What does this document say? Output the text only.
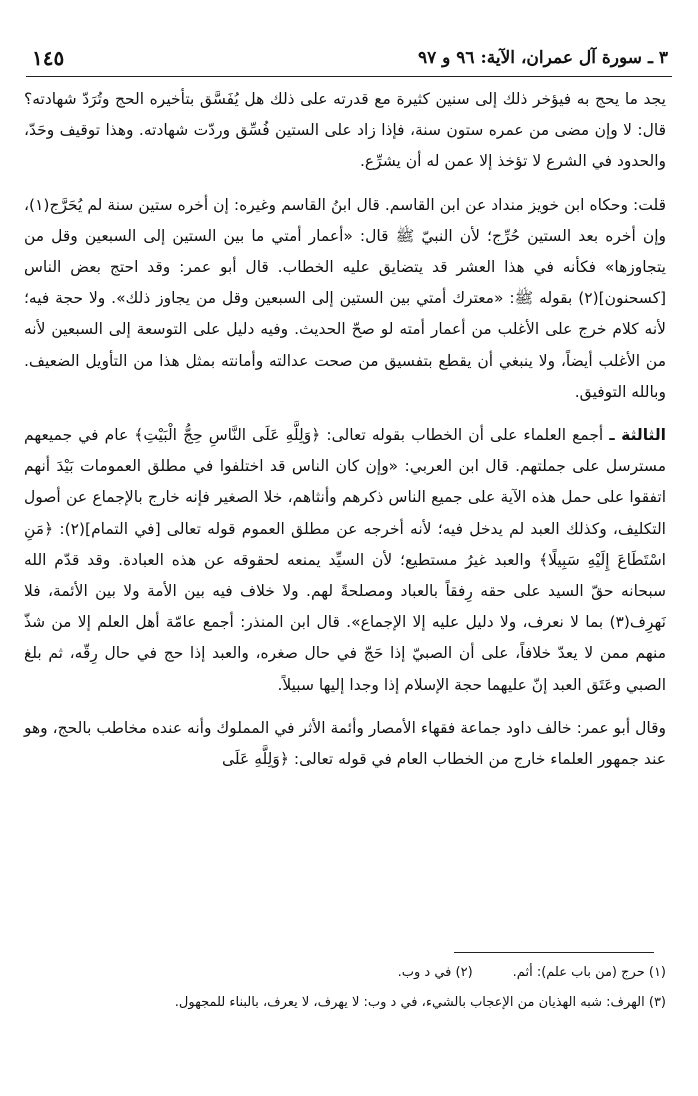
٣ ـ سورة آل عمران، الآية: ٩٦ و ٩٧
١٤٥

يجد ما يحج به فيؤخر ذلك إلى سنين كثيرة مع قدرته على ذلك هل يُفَسَّق بتأخيره الحج وتُرَدّ شهادته؟ قال: لا وإن مضى من عمره ستون سنة، فإذا زاد على الستين فُسِّق وردّت شهادته. وهذا توقيف وحَدّ، والحدود في الشرع لا تؤخذ إلا عمن له أن يشرِّع.

قلت: وحكاه ابن خويز منداد عن ابن القاسم. قال ابنُ القاسم وغيره: إن أخره ستين سنة لم يُحَرَّج(١)، وإن أخره بعد الستين حُرِّج؛ لأن النبيّ ﷺ قال: «أعمار أمتي ما بين الستين إلى السبعين وقل من يتجاوزها» فكأنه في هذا العشر قد يتضايق عليه الخطاب. قال أبو عمر: وقد احتج بعض الناس [كسحنون](٢) بقوله ﷺ: «معترك أمتي بين الستين إلى السبعين وقل من يجاوز ذلك». ولا حجة فيه؛ لأنه كلام خرج على الأغلب من أعمار أمته لو صحّ الحديث. وفيه دليل على التوسعة إلى السبعين لأنه من الأغلب أيضاً، ولا ينبغي أن يقطع بتفسيق من صحت عدالته وأمانته بمثل هذا من التأويل الضعيف. وبالله التوفيق.

الثالثة ـ أجمع العلماء على أن الخطاب بقوله تعالى: ﴿وَلِلَّهِ عَلَى النَّاسِ حِجُّ الْبَيْتِ﴾ عام في جميعهم مسترسل على جملتهم. قال ابن العربي: «وإن كان الناس قد اختلفوا في مطلق العمومات بَيْدَ أنهم اتفقوا على حمل هذه الآية على جميع الناس ذكرهم وأنثاهم، خلا الصغير فإنه خارج بالإجماع عن أصول التكليف، وكذلك العبد لم يدخل فيه؛ لأنه أخرجه عن مطلق العموم قوله تعالى [في التمام](٢): ﴿مَنِ اسْتَطَاعَ إِلَيْهِ سَبِيلًا﴾ والعبد غيرُ مستطيع؛ لأن السيِّد يمنعه لحقوقه عن هذه العبادة. وقد قدّم الله سبحانه حقّ السيد على حقه رِفقاً بالعباد ومصلحةً لهم. ولا خلاف فيه بين الأمة ولا بين الأئمة، فلا نَهرِف(٣) بما لا نعرف، ولا دليل عليه إلا الإجماع». قال ابن المنذر: أجمع عامّة أهل العلم إلا من شذّ منهم ممن لا يعدّ خلافاً، على أن الصبيّ إذا حَجّ في حال صغره، والعبد إذا حج في حال رِقّه، ثم بلغ الصبي وعَتَق العبد إنّ عليهما حجة الإسلام إذا وجدا إليها سبيلاً.

وقال أبو عمر: خالف داود جماعة فقهاء الأمصار وأئمة الأثر في المملوك وأنه عنده مخاطب بالحج، وهو عند جمهور العلماء خارج من الخطاب العام في قوله تعالى: ﴿وَلِلَّهِ عَلَى

(١) حرج (من باب علم): أثم.(٢) في د وب.
(٣) الهرف: شبه الهذيان من الإعجاب بالشيء، في د وب: لا يهرف، لا يعرف، بالبناء للمجهول.
